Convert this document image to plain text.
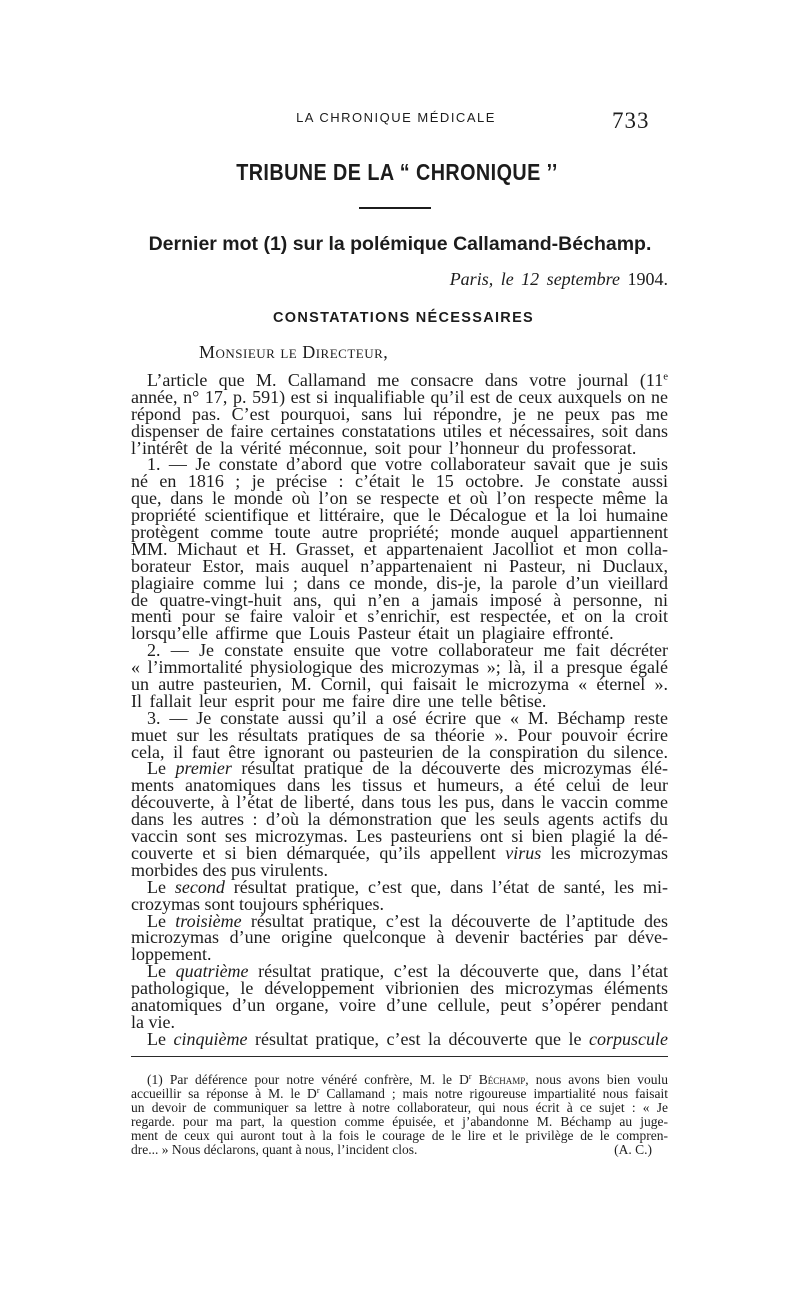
LA CHRONIQUE MÉDICALE	733
TRIBUNE DE LA “ CHRONIQUE ’’
Dernier mot (1) sur la polémique Callamand-Béchamp.
Paris, le 12 septembre 1904.
CONSTATATIONS NÉCESSAIRES
Monsieur le Directeur,
L’article que M. Callamand me consacre dans votre journal (11e
année, n° 17, p. 591) est si inqualifiable qu’il est de ceux auxquels on ne
répond pas. C’est pourquoi, sans lui répondre, je ne peux pas me
dispenser de faire certaines constatations utiles et nécessaires, soit dans
l’intérêt de la vérité méconnue, soit pour l’honneur du professorat.
1. — Je constate d’abord que votre collaborateur savait que je suis
né en 1816 ; je précise : c’était le 15 octobre. Je constate aussi
que, dans le monde où l’on se respecte et où l’on respecte même la
propriété scientifique et littéraire, que le Décalogue et la loi humaine
protègent comme toute autre propriété; monde auquel appartiennent
MM. Michaut et H. Grasset, et appartenaient Jacolliot et mon colla-
borateur Estor, mais auquel n’appartenaient ni Pasteur, ni Duclaux,
plagiaire comme lui ; dans ce monde, dis-je, la parole d’un vieillard
de quatre-vingt-huit ans, qui n’en a jamais imposé à personne, ni
menti pour se faire valoir et s’enrichir, est respectée, et on la croit
lorsqu’elle affirme que Louis Pasteur était un plagiaire effronté.
2. — Je constate ensuite que votre collaborateur me fait décréter
« l’immortalité physiologique des microzymas »; là, il a presque égalé
un autre pasteurien, M. Cornil, qui faisait le microzyma « éternel ».
Il fallait leur esprit pour me faire dire une telle bêtise.
3. — Je constate aussi qu’il a osé écrire que « M. Béchamp reste
muet sur les résultats pratiques de sa théorie ». Pour pouvoir écrire
cela, il faut être ignorant ou pasteurien de la conspiration du silence.
Le premier résultat pratique de la découverte des microzymas élé-
ments anatomiques dans les tissus et humeurs, a été celui de leur
découverte, à l’état de liberté, dans tous les pus, dans le vaccin comme
dans les autres : d’où la démonstration que les seuls agents actifs du
vaccin sont ses microzymas. Les pasteuriens ont si bien plagié la dé-
couverte et si bien démarquée, qu’ils appellent virus les microzymas
morbides des pus virulents.
Le second résultat pratique, c’est que, dans l’état de santé, les mi-
crozymas sont toujours sphériques.
Le troisième résultat pratique, c’est la découverte de l’aptitude des
microzymas d’une origine quelconque à devenir bactéries par déve-
loppement.
Le quatrième résultat pratique, c’est la découverte que, dans l’état
pathologique, le développement vibrionien des microzymas éléments
anatomiques d’un organe, voire d’une cellule, peut s’opérer pendant
la vie.
Le cinquième résultat pratique, c’est la découverte que le corpuscule
(1) Par déférence pour notre vénéré confrère, M. le $D^r$ Béchamp, nous avons bien voulu
accueillir sa réponse à M. le $D^r$ Callamand ; mais notre rigoureuse impartialité nous faisait
un devoir de communiquer sa lettre à notre collaborateur, qui nous écrit à ce sujet : « Je
regarde. pour ma part, la question comme épuisée, et j’abandonne M. Béchamp au juge-
ment de ceux qui auront tout à la fois le courage de le lire et le privilège de le compren-
dre... » Nous déclarons, quant à nous, l’incident clos.	(A. C.)
